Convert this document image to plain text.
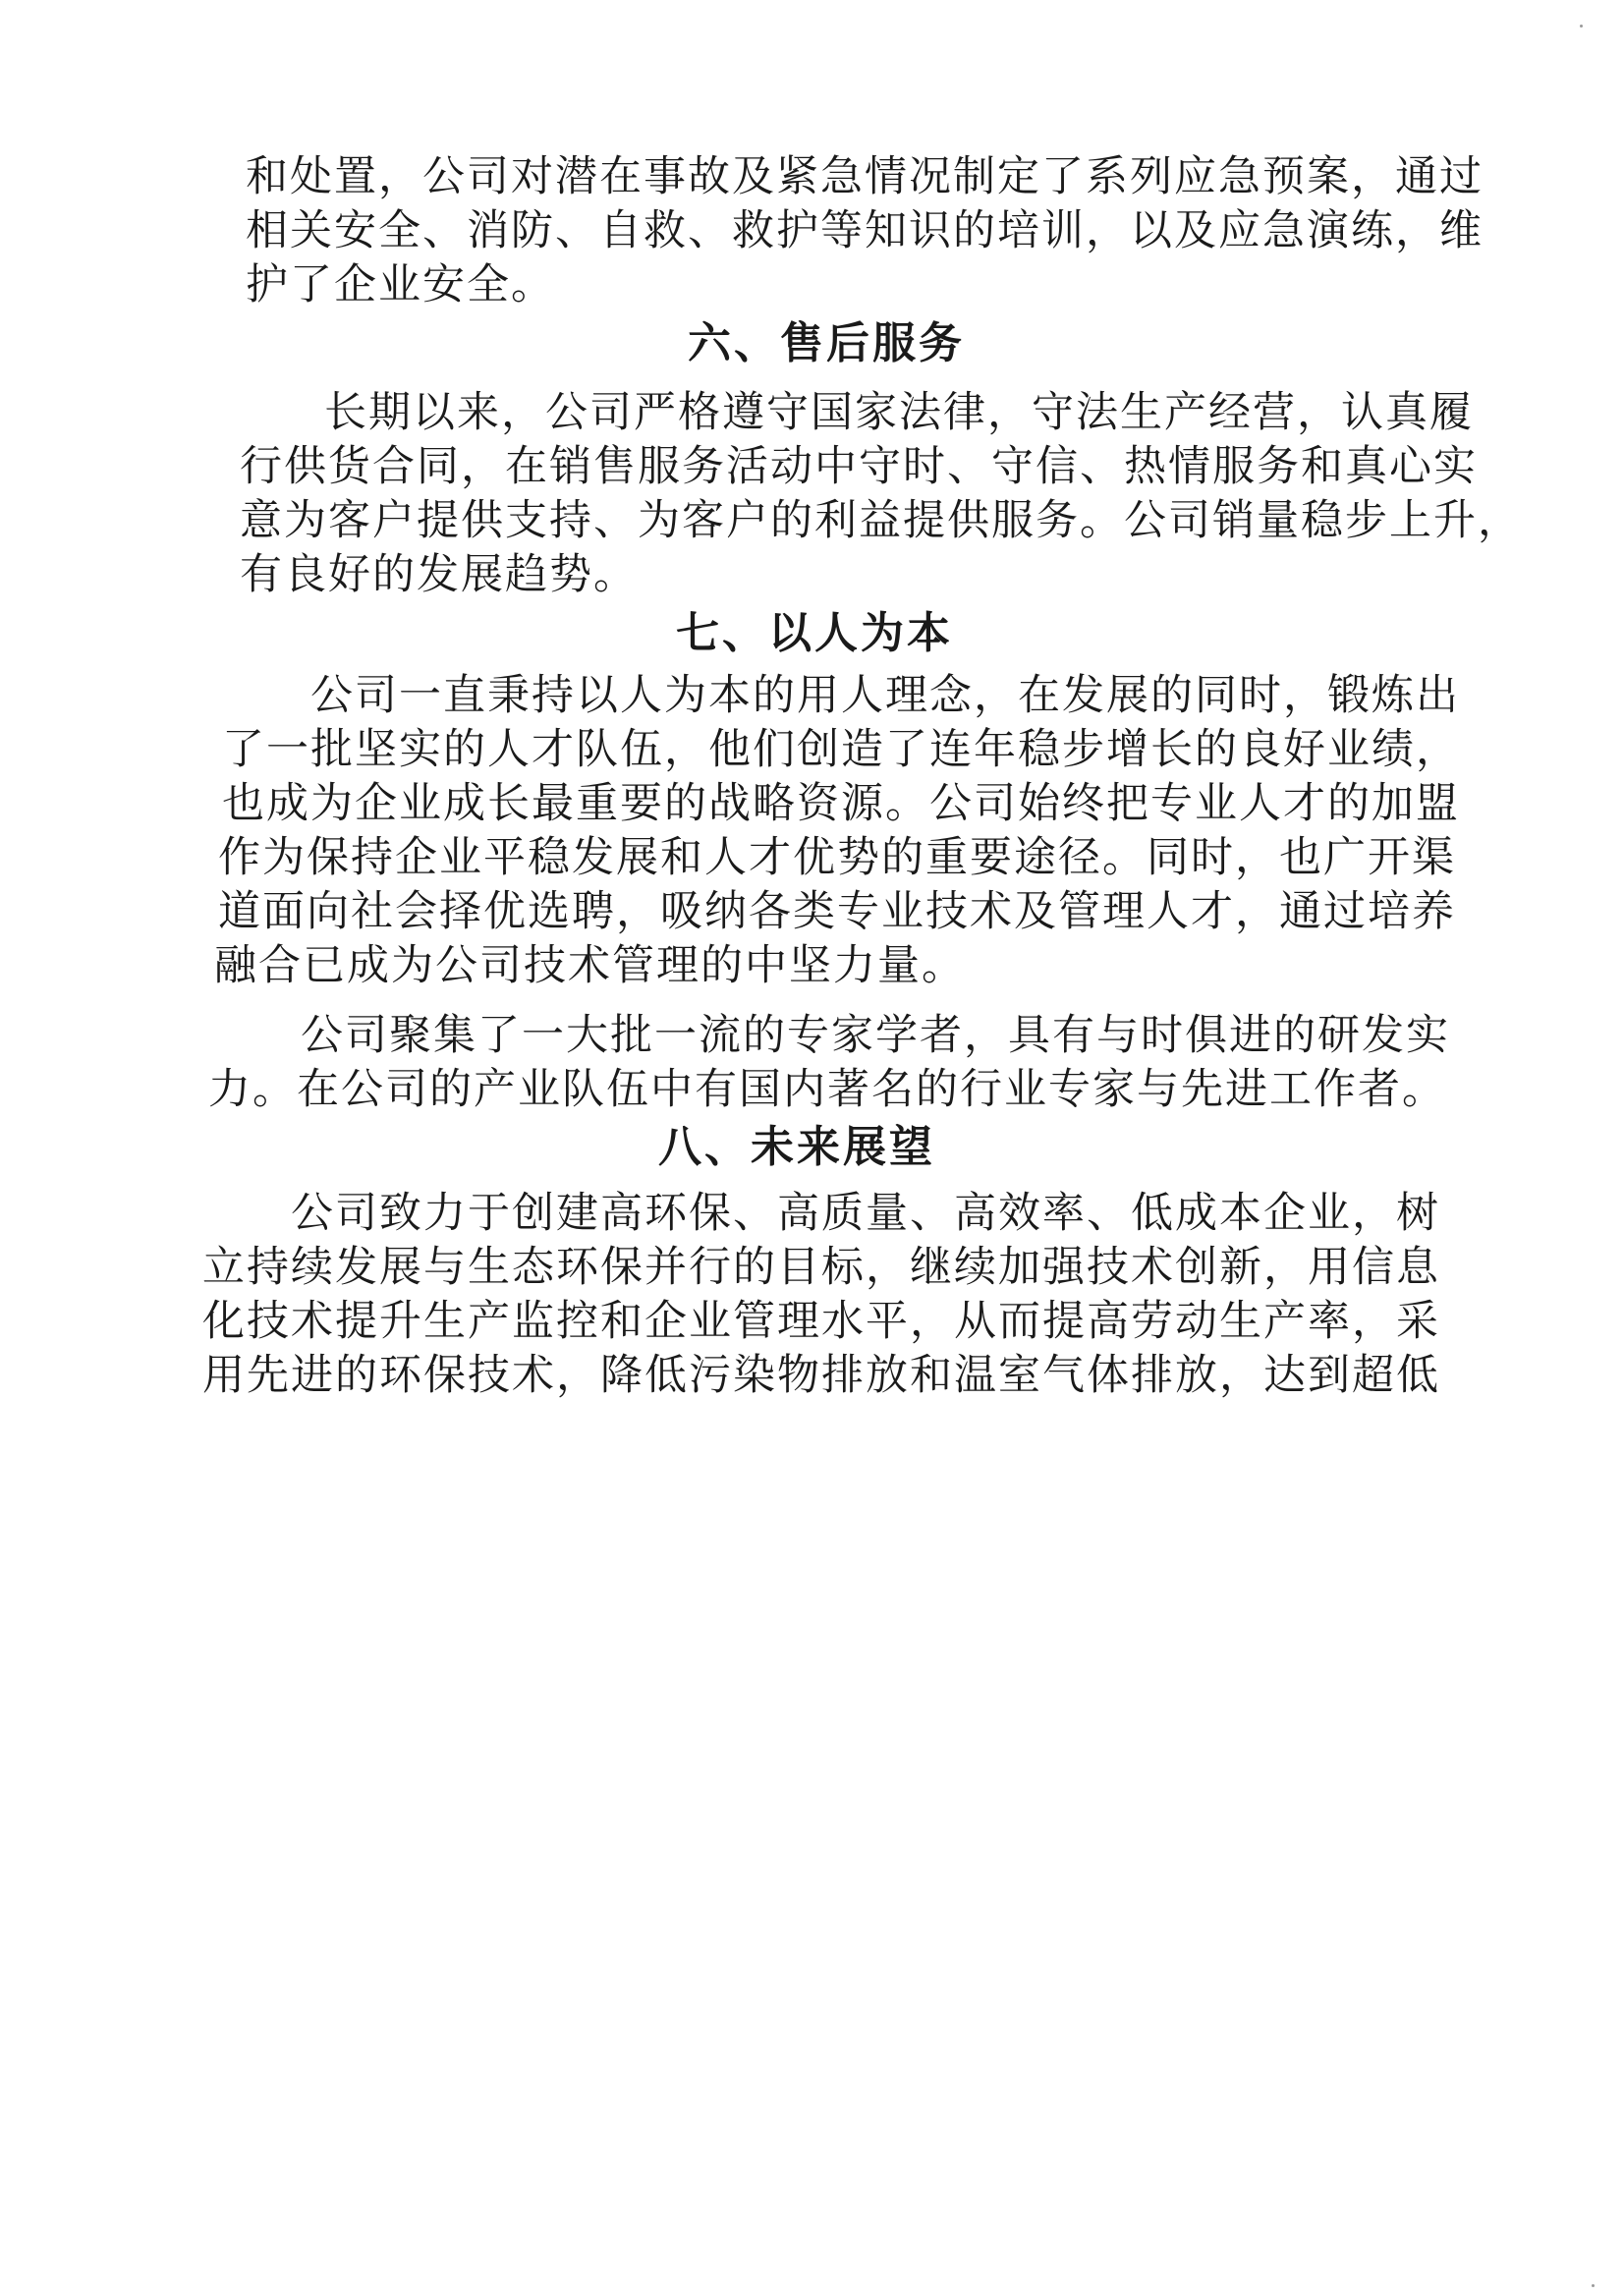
和处置，公司对潜在事故及紧急情况制定了系列应急预案，通过
相关安全、消防、自救、救护等知识的培训，以及应急演练，维
护了企业安全。
六、售后服务
长期以来，公司严格遵守国家法律，守法生产经营，认真履
行供货合同，在销售服务活动中守时、守信、热情服务和真心实
意为客户提供支持、为客户的利益提供服务。公司销量稳步上升，
有良好的发展趋势。
七、以人为本
公司一直秉持以人为本的用人理念，在发展的同时，锻炼出
了一批坚实的人才队伍，他们创造了连年稳步增长的良好业绩，
也成为企业成长最重要的战略资源。公司始终把专业人才的加盟
作为保持企业平稳发展和人才优势的重要途径。同时，也广开渠
道面向社会择优选聘，吸纳各类专业技术及管理人才，通过培养
融合已成为公司技术管理的中坚力量。
公司聚集了一大批一流的专家学者，具有与时俱进的研发实
力。在公司的产业队伍中有国内著名的行业专家与先进工作者。
八、未来展望
公司致力于创建高环保、高质量、高效率、低成本企业，树
立持续发展与生态环保并行的目标，继续加强技术创新，用信息
化技术提升生产监控和企业管理水平，从而提高劳动生产率，采
用先进的环保技术，降低污染物排放和温室气体排放，达到超低
